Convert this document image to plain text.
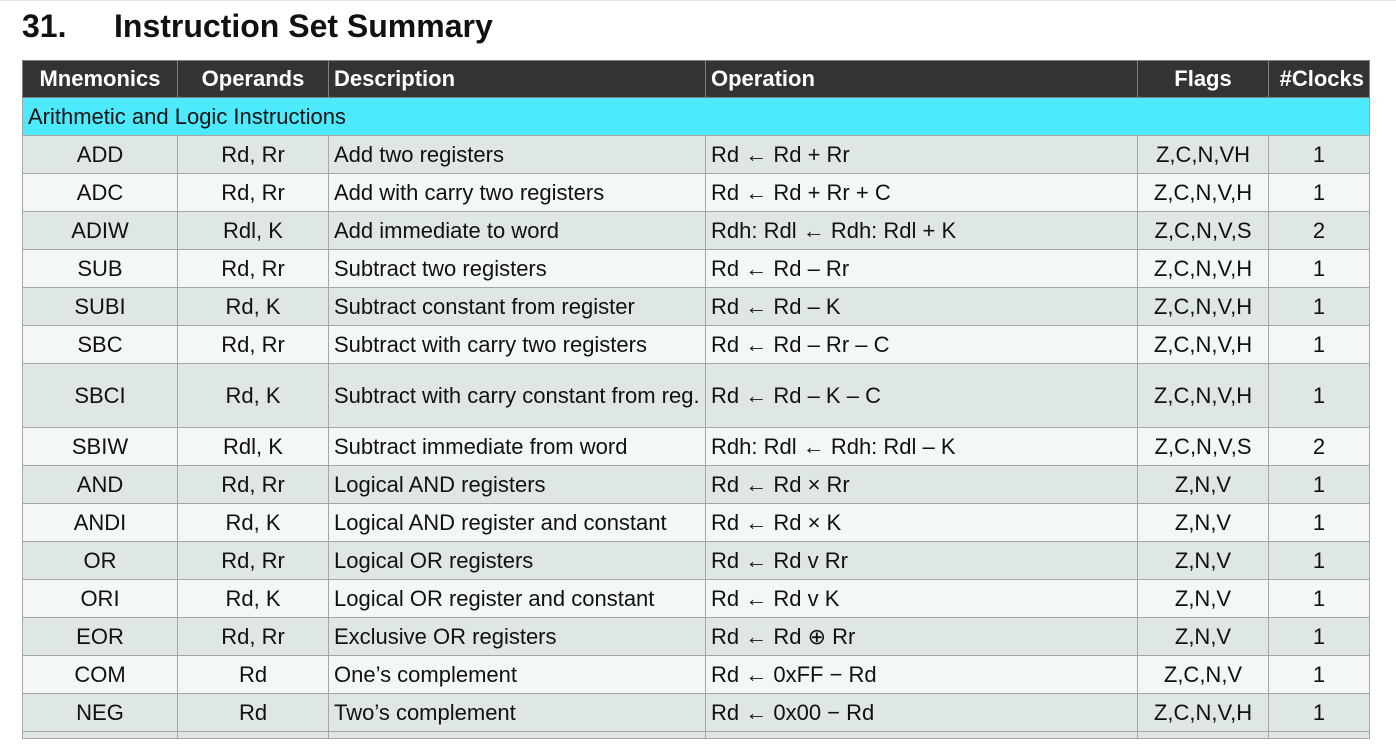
31.	Instruction Set Summary
Mnemonics	Operands	Description	Operation	Flags	#Clocks
Arithmetic and Logic Instructions					
ADD	Rd, Rr	Add two registers	Rd ← Rd + Rr	Z,C,N,VH	1
ADC	Rd, Rr	Add with carry two registers	Rd ← Rd + Rr + C	Z,C,N,V,H	1
ADIW	Rdl, K	Add immediate to word	Rdh: Rdl ← Rdh: Rdl + K	Z,C,N,V,S	2
SUB	Rd, Rr	Subtract two registers	Rd ← Rd – Rr	Z,C,N,V,H	1
SUBI	Rd, K	Subtract constant from register	Rd ← Rd – K	Z,C,N,V,H	1
SBC	Rd, Rr	Subtract with carry two registers	Rd ← Rd – Rr – C	Z,C,N,V,H	1
SBCI	Rd, K	Subtract with carry constant from reg.	Rd ← Rd – K – C	Z,C,N,V,H	1
SBIW	Rdl, K	Subtract immediate from word	Rdh: Rdl ← Rdh: Rdl – K	Z,C,N,V,S	2
AND	Rd, Rr	Logical AND registers	Rd ← Rd × Rr	Z,N,V	1
ANDI	Rd, K	Logical AND register and constant	Rd ← Rd × K	Z,N,V	1
OR	Rd, Rr	Logical OR registers	Rd ← Rd v Rr	Z,N,V	1
ORI	Rd, K	Logical OR register and constant	Rd ← Rd v K	Z,N,V	1
EOR	Rd, Rr	Exclusive OR registers	Rd ← Rd ⊕ Rr	Z,N,V	1
COM	Rd	One’s complement	Rd ← 0xFF − Rd	Z,C,N,V	1
NEG	Rd	Two’s complement	Rd ← 0x00 − Rd	Z,C,N,V,H	1
